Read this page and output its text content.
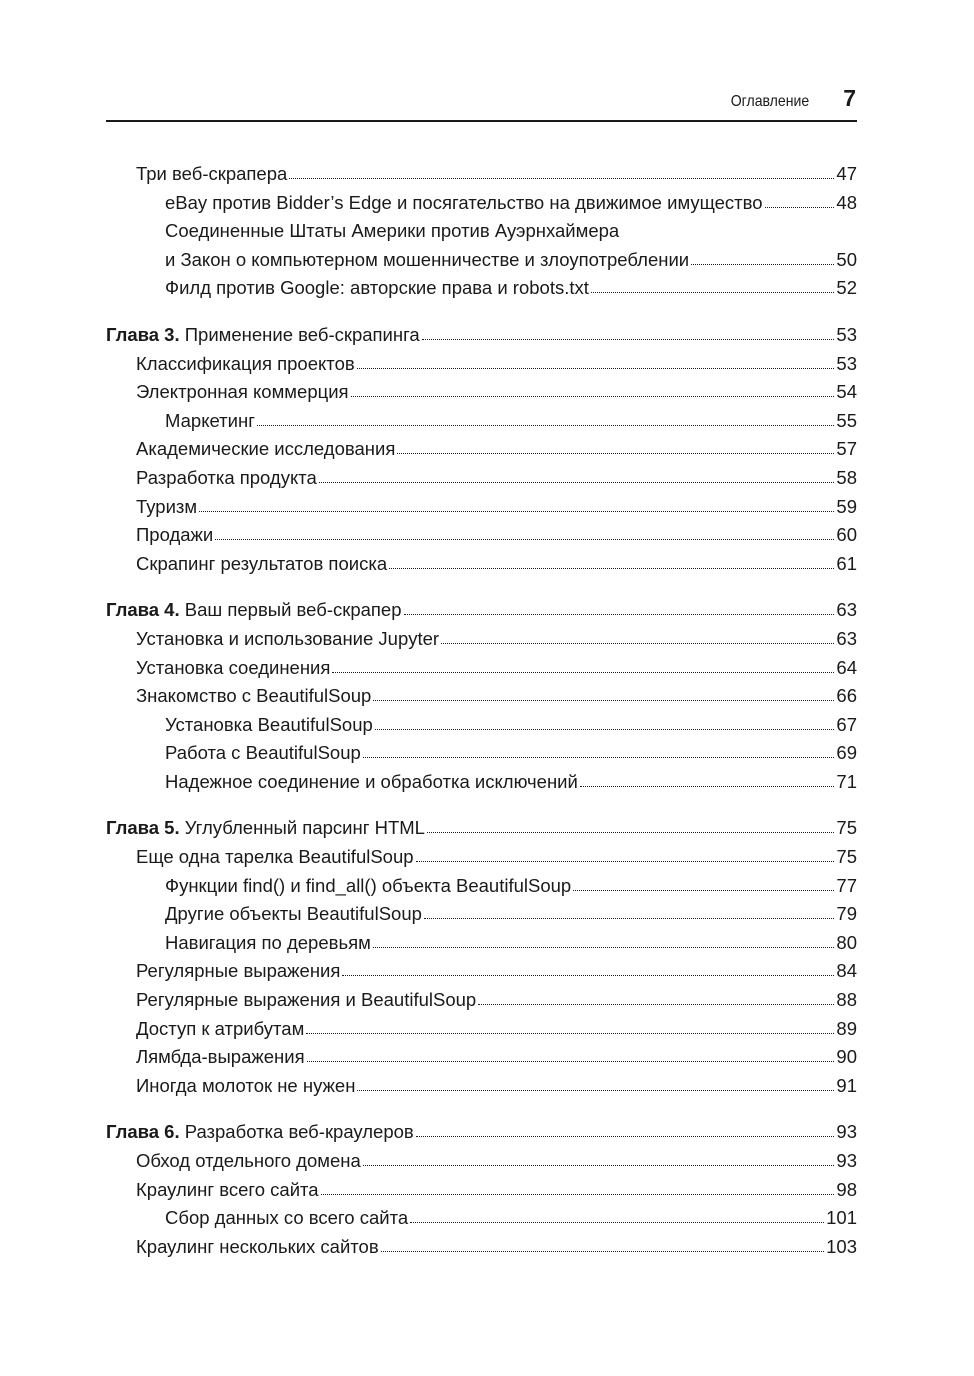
Оглавление 7
Три веб-скрапера	47
eBay против Bidder’s Edge и посягательство на движимое имущество	48
Соединенные Штаты Америки против Ауэрнхаймера
и Закон о компьютерном мошенничестве и злоупотреблении	50
Филд против Google: авторские права и robots.txt	52
Глава 3. Применение веб-скрапинга	53
Классификация проектов	53
Электронная коммерция	54
Маркетинг	55
Академические исследования	57
Разработка продукта	58
Туризм	59
Продажи	60
Скрапинг результатов поиска	61
Глава 4. Ваш первый веб-скрапер	63
Установка и использование Jupyter	63
Установка соединения	64
Знакомство с BeautifulSoup	66
Установка BeautifulSoup	67
Работа с BeautifulSoup	69
Надежное соединение и обработка исключений	71
Глава 5. Углубленный парсинг HTML	75
Еще одна тарелка BeautifulSoup	75
Функции find() и find_all() объекта BeautifulSoup	77
Другие объекты BeautifulSoup	79
Навигация по деревьям	80
Регулярные выражения	84
Регулярные выражения и BeautifulSoup	88
Доступ к атрибутам	89
Лямбда-выражения	90
Иногда молоток не нужен	91
Глава 6. Разработка веб-краулеров	93
Обход отдельного домена	93
Краулинг всего сайта	98
Сбор данных со всего сайта	101
Краулинг нескольких сайтов	103
